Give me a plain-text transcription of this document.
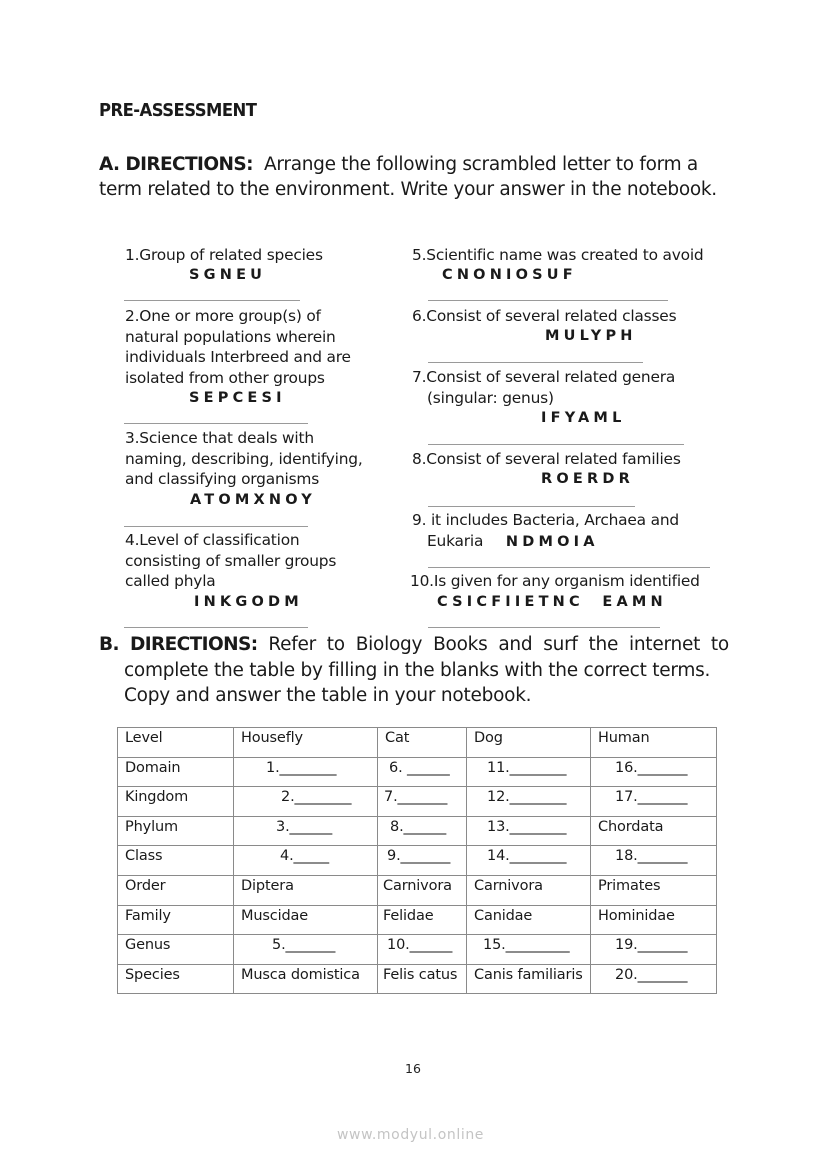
PRE-ASSESSMENT
A. DIRECTIONS: Arrange the following scrambled letter to form a term related to the environment. Write your answer in the notebook.
1.Group of related species
SGNEU
2.One or more group(s) of
natural populations wherein
individuals Interbreed and are
isolated from other groups
SEPCESI
3.Science that deals with
naming, describing, identifying,
and classifying organisms
ATOMXNOY
4.Level of classification
consisting of smaller groups
called phyla
INKGODM
5.Scientific name was created to avoid
CNONIOSUF
6.Consist of several related classes
MULYPH
7.Consist of several related genera
(singular: genus)
IFYAML
8.Consist of several related families
ROERDR
9. it includes Bacteria, Archaea and
Eukaria NDMOIA
10.Is given for any organism identified
CSICFIIETNC  EAMN
B. DIRECTIONS: Refer to Biology Books and surf the internet to
complete the table by filling in the blanks with the correct terms.
Copy and answer the table in your notebook.
Level	Housefly	Cat	Dog	Human
Domain	1.________	6. ______	11.________	16._______
Kingdom	2.________	7._______	12.________	17._______
Phylum	3.______	8.______	13.________	Chordata
Class	4._____	9._______	14.________	18._______
Order	Diptera	Carnivora	Carnivora	Primates
Family	Muscidae	Felidae	Canidae	Hominidae
Genus	5._______	10.______	15._________	19._______
Species	Musca domistica	Felis catus	Canis familiaris	20._______
16
www.modyul.online
